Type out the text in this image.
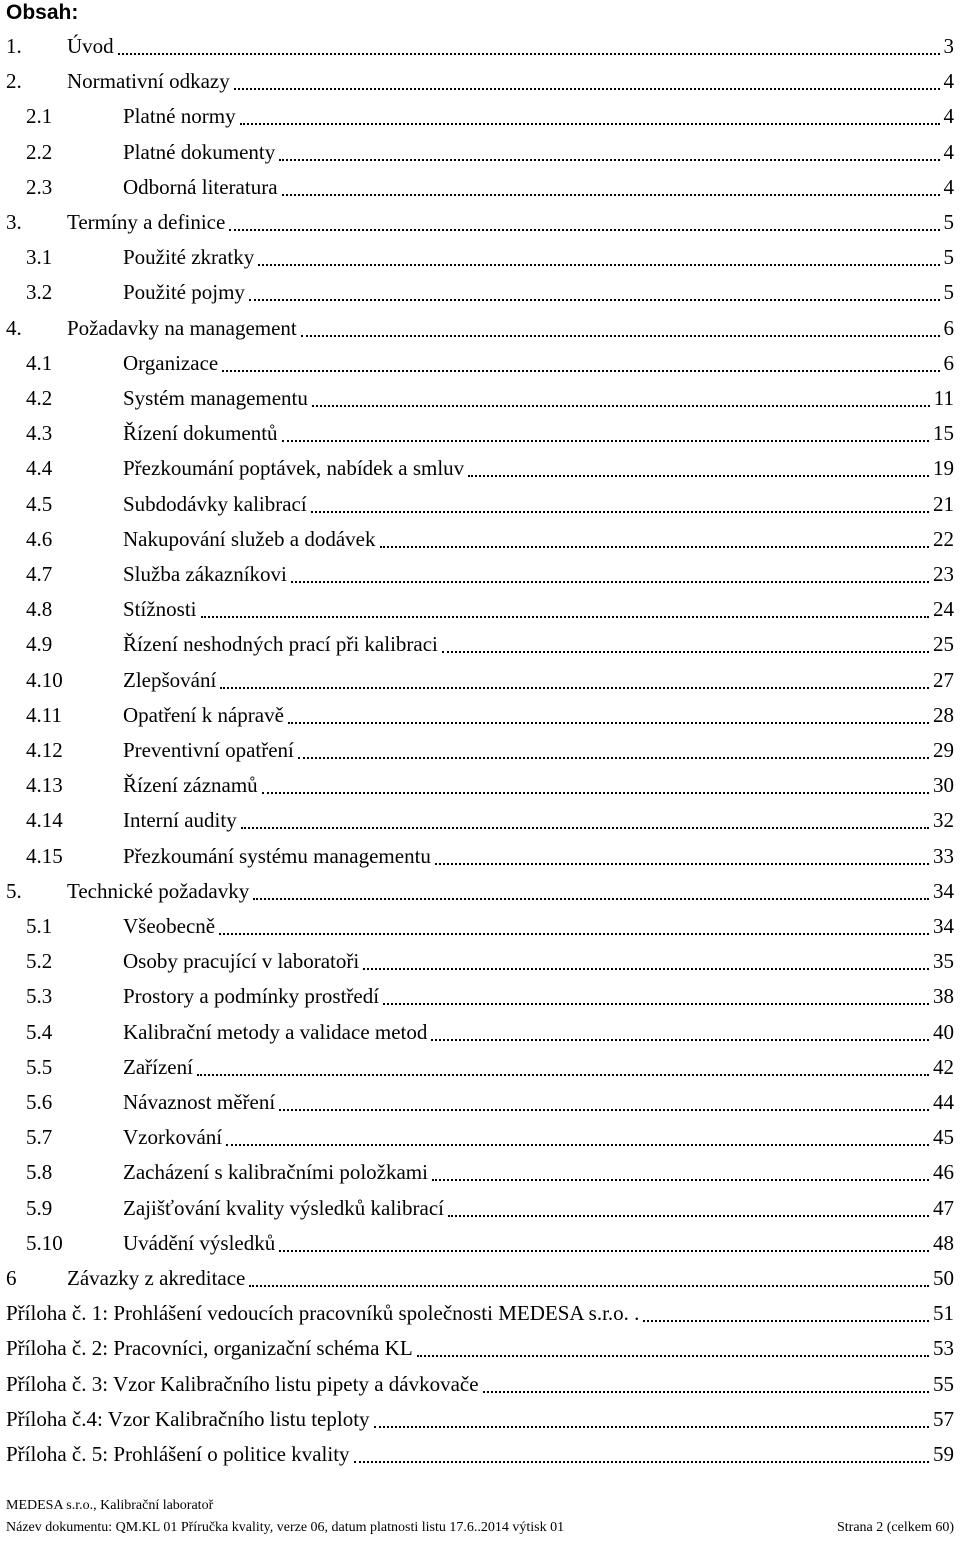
Obsah:
1. Úvod	3
2. Normativní odkazy	4
2.1	Platné normy	4
2.2	Platné dokumenty	4
2.3	Odborná literatura	4
3. Termíny a definice	5
3.1	Použité zkratky	5
3.2	Použité pojmy	5
4. Požadavky na management	6
4.1	Organizace	6
4.2	Systém managementu	11
4.3	Řízení dokumentů	15
4.4	Přezkoumání poptávek, nabídek a smluv	19
4.5	Subdodávky kalibrací	21
4.6	Nakupování služeb a dodávek	22
4.7	Služba zákazníkovi	23
4.8	Stížnosti	24
4.9	Řízení neshodných prací při kalibraci	25
4.10	Zlepšování	27
4.11	Opatření k nápravě	28
4.12	Preventivní opatření	29
4.13	Řízení záznamů	30
4.14	Interní audity	32
4.15	Přezkoumání systému managementu	33
5. Technické požadavky	34
5.1	Všeobecně	34
5.2	Osoby pracující v laboratoři	35
5.3	Prostory a podmínky prostředí	38
5.4	Kalibrační metody a validace metod	40
5.5	Zařízení	42
5.6	Návaznost měření	44
5.7	Vzorkování	45
5.8	Zacházení s kalibračními položkami	46
5.9	Zajišťování kvality výsledků kalibrací	47
5.10	Uvádění výsledků	48
6 Závazky z akreditace	50
Příloha č. 1: Prohlášení vedoucích pracovníků společnosti MEDESA s.r.o. .	51
Příloha č. 2: Pracovníci, organizační schéma KL	53
Příloha č. 3: Vzor Kalibračního listu pipety a dávkovače	55
Příloha č.4: Vzor Kalibračního listu teploty	57
Příloha č. 5: Prohlášení o politice kvality	59
MEDESA s.r.o., Kalibrační laboratoř
Název dokumentu: QM.KL 01 Příručka kvality, verze 06, datum platnosti listu 17.6..2014 výtisk 01	Strana 2 (celkem 60)
